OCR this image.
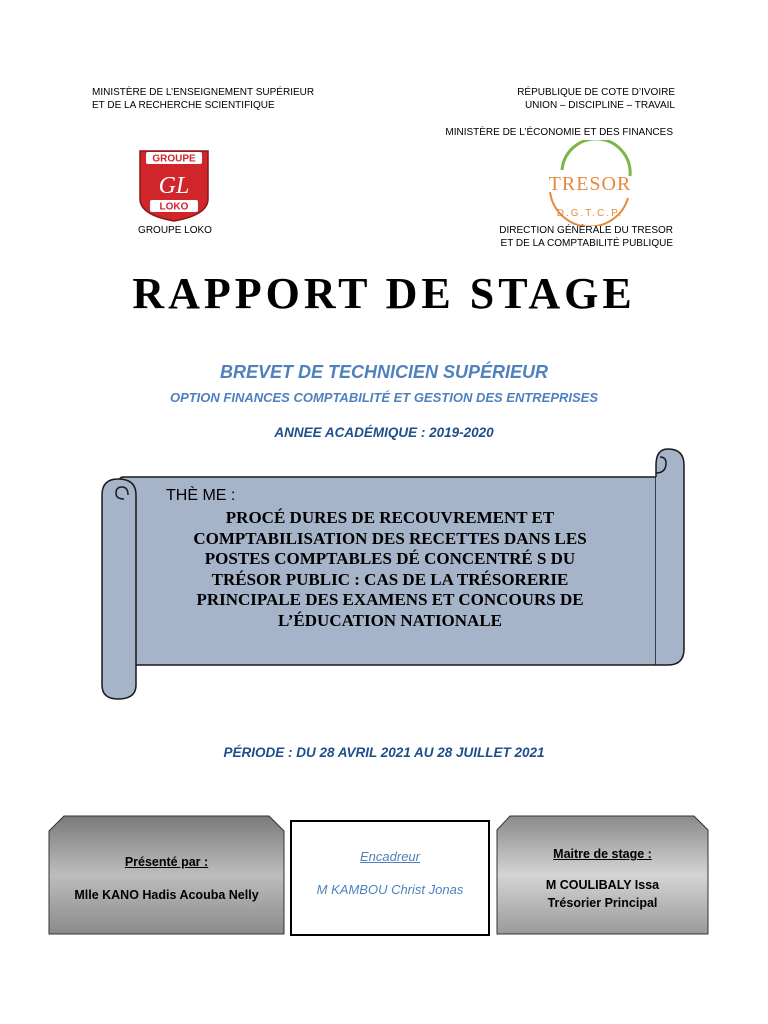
MINISTÈRE DE L’ENSEIGNEMENT SUPÉRIEUR
ET DE LA RECHERCHE SCIENTIFIQUE
RÉPUBLIQUE DE COTE D’IVOIRE
UNION – DISCIPLINE – TRAVAIL
MINISTÈRE DE L’ÉCONOMIE ET DES FINANCES
GROUPE
GL
LOKO
GROUPE LOKO
TRESOR
D.G.T.C.P.
DIRECTION GÉNÉRALE DU TRESOR
ET DE LA COMPTABILITÉ PUBLIQUE
RAPPORT DE STAGE
BREVET DE TECHNICIEN SUPÉRIEUR
OPTION FINANCES COMPTABILITÉ ET GESTION DES ENTREPRISES
ANNEE ACADÉMIQUE : 2019-2020
THÈ ME :
PROCÉ DURES DE RECOUVREMENT ET
COMPTABILISATION DES RECETTES DANS LES
POSTES COMPTABLES DÉ CONCENTRÉ S DU
TRÉSOR PUBLIC : CAS DE LA TRÉSORERIE
PRINCIPALE DES EXAMENS ET CONCOURS DE
L’ÉDUCATION NATIONALE
PÉRIODE : DU 28 AVRIL 2021 AU 28 JUILLET 2021
Présenté par :
Mlle KANO Hadis Acouba Nelly
Encadreur
M KAMBOU Christ Jonas
Maitre de stage :
M COULIBALY Issa
Trésorier Principal
